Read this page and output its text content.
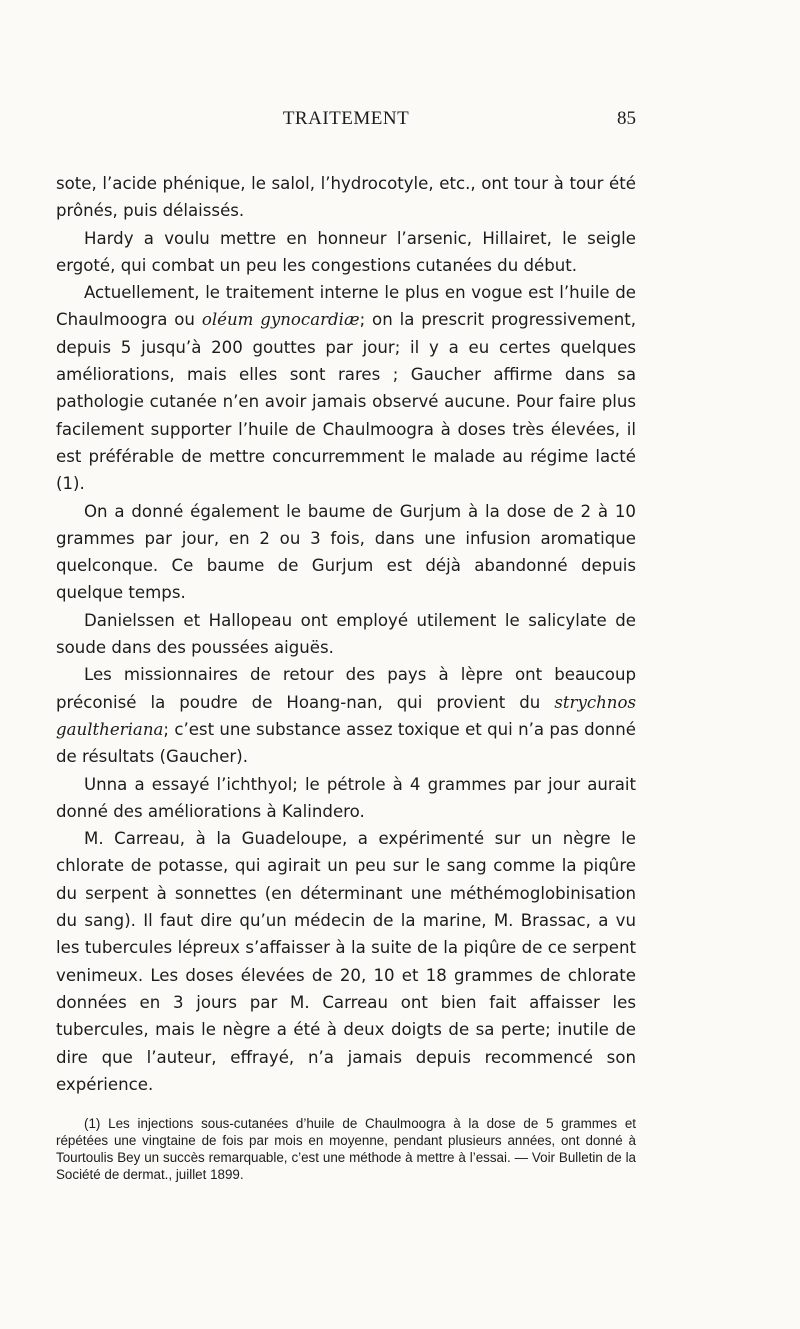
TRAITEMENT	85

sote, l’acide phénique, le salol, l’hydrocotyle, etc., ont tour à tour été prônés, puis délaissés.

Hardy a voulu mettre en honneur l’arsenic, Hillairet, le seigle ergoté, qui combat un peu les congestions cutanées du début.

Actuellement, le traitement interne le plus en vogue est l’huile de Chaulmoogra ou oléum gynocardiæ; on la prescrit progressivement, depuis 5 jusqu’à 200 gouttes par jour; il y a eu certes quelques améliorations, mais elles sont rares ; Gaucher affirme dans sa pathologie cutanée n’en avoir jamais observé aucune. Pour faire plus facilement supporter l’huile de Chaulmoogra à doses très élevées, il est préférable de mettre concurremment le malade au régime lacté (1).

On a donné également le baume de Gurjum à la dose de 2 à 10 grammes par jour, en 2 ou 3 fois, dans une infusion aromatique quelconque. Ce baume de Gurjum est déjà abandonné depuis quelque temps.

Danielssen et Hallopeau ont employé utilement le salicylate de soude dans des poussées aiguës.

Les missionnaires de retour des pays à lèpre ont beaucoup préconisé la poudre de Hoang-nan, qui provient du strychnos gaultheriana; c’est une substance assez toxique et qui n’a pas donné de résultats (Gaucher).

Unna a essayé l’ichthyol; le pétrole à 4 grammes par jour aurait donné des améliorations à Kalindero.

M. Carreau, à la Guadeloupe, a expérimenté sur un nègre le chlorate de potasse, qui agirait un peu sur le sang comme la piqûre du serpent à sonnettes (en déterminant une méthémoglobinisation du sang). Il faut dire qu’un médecin de la marine, M. Brassac, a vu les tubercules lépreux s’affaisser à la suite de la piqûre de ce serpent venimeux. Les doses élevées de 20, 10 et 18 grammes de chlorate données en 3 jours par M. Carreau ont bien fait affaisser les tubercules, mais le nègre a été à deux doigts de sa perte; inutile de dire que l’auteur, effrayé, n’a jamais depuis recommencé son expérience.

(1) Les injections sous-cutanées d’huile de Chaulmoogra à la dose de 5 grammes et répétées une vingtaine de fois par mois en moyenne, pendant plusieurs années, ont donné à Tourtoulis Bey un succès remarquable, c’est une méthode à mettre à l’essai. — Voir Bulletin de la Société de dermat., juillet 1899.
